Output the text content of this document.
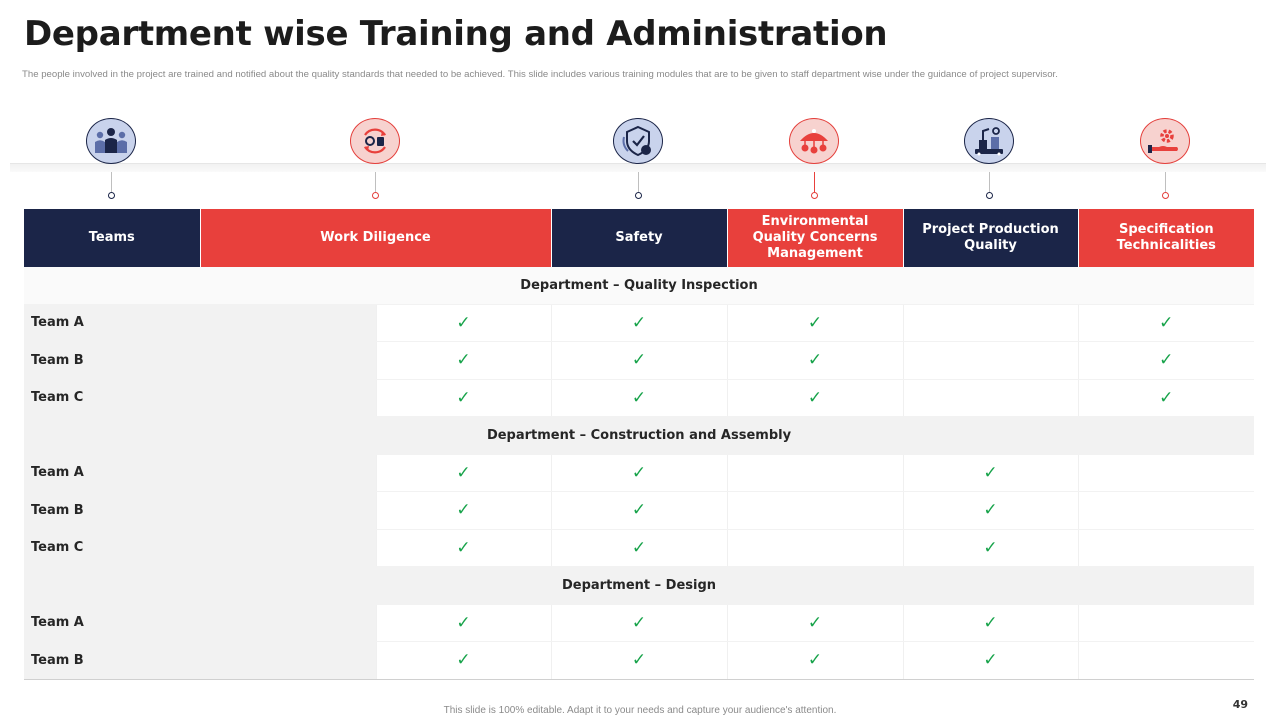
Department wise Training and Administration
The people involved in the project are trained and notified about the quality standards that needed to be achieved. This slide includes various training modules that are to be given to staff department wise under the guidance of project supervisor.
Teams	Work Diligence		Safety	Environmental Quality Concerns Management	Project Production Quality	Specification Technicalities
Department – Quality Inspection						
Team A		✓	✓	✓		✓
Team B		✓	✓	✓		✓
Team C		✓	✓	✓		✓
Department – Construction and Assembly						
Team A		✓	✓		✓	
Team B		✓	✓		✓	
Team C		✓	✓		✓	
Department – Design						
Team A		✓	✓	✓	✓	
Team B		✓	✓	✓	✓	
This slide is 100% editable. Adapt it to your needs and capture your audience's attention.	49
